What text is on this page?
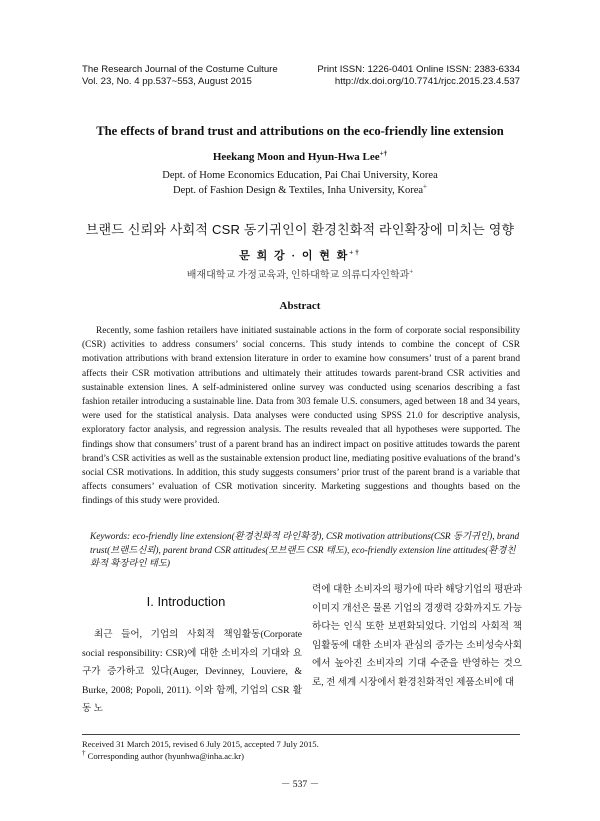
The Research Journal of the Costume Culture
Vol. 23, No. 4 pp.537~553, August 2015
Print ISSN: 1226-0401 Online ISSN: 2383-6334
http://dx.doi.org/10.7741/rjcc.2015.23.4.537
The effects of brand trust and attributions on the eco-friendly line extension
Heekang Moon and Hyun-Hwa Lee+†
Dept. of Home Economics Education, Pai Chai University, Korea
Dept. of Fashion Design & Textiles, Inha University, Korea+
브랜드 신뢰와 사회적 CSR 동기귀인이 환경친화적 라인확장에 미치는 영향
문 희 강 · 이 현 화+†
배재대학교 가정교육과, 인하대학교 의류디자인학과+
Abstract

Recently, some fashion retailers have initiated sustainable actions in the form of corporate social responsibility (CSR) activities to address consumers’ social concerns. This study intends to combine the concept of CSR motivation attributions with brand extension literature in order to examine how consumers’ trust of a parent brand affects their CSR motivation attributions and ultimately their attitudes towards parent-brand CSR activities and sustainable extension lines. A self-administered online survey was conducted using scenarios describing a fast fashion retailer introducing a sustainable line. Data from 303 female U.S. consumers, aged between 18 and 34 years, were used for the statistical analysis. Data analyses were conducted using SPSS 21.0 for descriptive analysis, exploratory factor analysis, and regression analysis. The results revealed that all hypotheses were supported. The findings show that consumers’ trust of a parent brand has an indirect impact on positive attitudes towards the parent brand’s CSR activities as well as the sustainable extension product line, mediating positive evaluations of the brand’s social CSR motivations. In addition, this study suggests consumers’ prior trust of the parent brand is a variable that affects consumers’ evaluation of CSR motivation sincerity. Marketing suggestions and thoughts based on the findings of this study were provided.

Keywords: eco-friendly line extension(환경친화적 라인확장), CSR motivation attributions(CSR 동기귀인), brand trust(브랜드신뢰), parent brand CSR attitudes(모브랜드 CSR 태도), eco-friendly extension line attitudes(환경친화적 확장라인 태도)
I. Introduction

최근 들어, 기업의 사회적 책임활동(Corporate social responsibility: CSR)에 대한 소비자의 기대와 요구가 증가하고 있다(Auger, Devinney, Louviere, & Burke, 2008; Popoli, 2011). 이와 함께, 기업의 CSR 활동 노

력에 대한 소비자의 평가에 따라 해당기업의 평판과 이미지 개선은 물론 기업의 경쟁력 강화까지도 가능하다는 인식 또한 보편화되었다. 기업의 사회적 책임활동에 대한 소비자 관심의 증가는 소비성숙사회에서 높아진 소비자의 기대 수준을 반영하는 것으로, 전 세계 시장에서 환경친화적인 제품소비에 대

Received 31 March 2015, revised 6 July 2015, accepted 7 July 2015.
† Corresponding author (hyunhwa@inha.ac.kr)
－ 537 －
